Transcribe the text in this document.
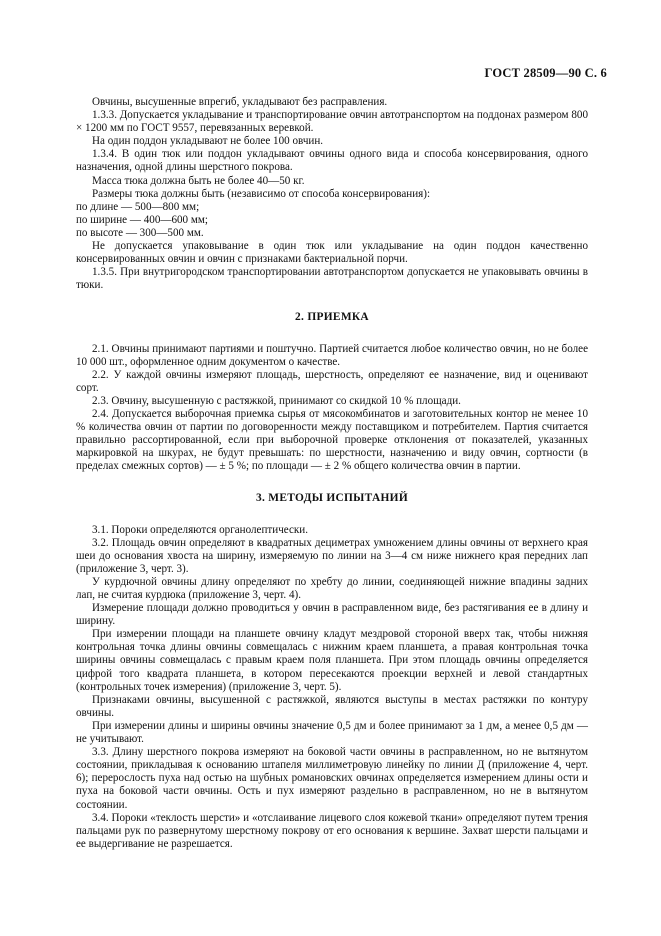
ГОСТ 28509—90 С. 6

Овчины, высушенные впрегиб, укладывают без расправления.

1.3.3. Допускается укладывание и транспортирование овчин автотранспортом на поддонах размером 800 × 1200 мм по ГОСТ 9557, перевязанных веревкой.

На один поддон укладывают не более 100 овчин.

1.3.4. В один тюк или поддон укладывают овчины одного вида и способа консервирования, одного назначения, одной длины шерстного покрова.

Масса тюка должна быть не более 40—50 кг.

Размеры тюка должны быть (независимо от способа консервирования):

по длине — 500—800 мм;

по ширине — 400—600 мм;

по высоте — 300—500 мм.

Не допускается упаковывание в один тюк или укладывание на один поддон качественно консервированных овчин и овчин с признаками бактериальной порчи.

1.3.5. При внутригородском транспортировании автотранспортом допускается не упаковывать овчины в тюки.

2. ПРИЕМКА

2.1. Овчины принимают партиями и поштучно. Партией считается любое количество овчин, но не более 10 000 шт., оформленное одним документом о качестве.

2.2. У каждой овчины измеряют площадь, шерстность, определяют ее назначение, вид и оценивают сорт.

2.3. Овчину, высушенную с растяжкой, принимают со скидкой 10 % площади.

2.4. Допускается выборочная приемка сырья от мясокомбинатов и заготовительных контор не менее 10 % количества овчин от партии по договоренности между поставщиком и потребителем. Партия считается правильно рассортированной, если при выборочной проверке отклонения от показателей, указанных маркировкой на шкурах, не будут превышать: по шерстности, назначению и виду овчин, сортности (в пределах смежных сортов) — ± 5 %; по площади — ± 2 % общего количества овчин в партии.

3. МЕТОДЫ ИСПЫТАНИЙ

3.1. Пороки определяются органолептически.

3.2. Площадь овчин определяют в квадратных дециметрах умножением длины овчины от верхнего края шеи до основания хвоста на ширину, измеряемую по линии на 3—4 см ниже нижнего края передних лап (приложение 3, черт. 3).

У курдючной овчины длину определяют по хребту до линии, соединяющей нижние впадины задних лап, не считая курдюка (приложение 3, черт. 4).

Измерение площади должно проводиться у овчин в расправленном виде, без растягивания ее в длину и ширину.

При измерении площади на планшете овчину кладут мездровой стороной вверх так, чтобы нижняя контрольная точка длины овчины совмещалась с нижним краем планшета, а правая контрольная точка ширины овчины совмещалась с правым краем поля планшета. При этом площадь овчины определяется цифрой того квадрата планшета, в котором пересекаются проекции верхней и левой стандартных (контрольных точек измерения) (приложение 3, черт. 5).

Признаками овчины, высушенной с растяжкой, являются выступы в местах растяжки по контуру овчины.

При измерении длины и ширины овчины значение 0,5 дм и более принимают за 1 дм, а менее 0,5 дм — не учитывают.

3.3. Длину шерстного покрова измеряют на боковой части овчины в расправленном, но не вытянутом состоянии, прикладывая к основанию штапеля миллиметровую линейку по линии Д (приложение 4, черт. 6); перерослость пуха над остью на шубных романовских овчинах определяется измерением длины ости и пуха на боковой части овчины. Ость и пух измеряют раздельно в расправленном, но не в вытянутом состоянии.

3.4. Пороки «теклость шерсти» и «отслаивание лицевого слоя кожевой ткани» определяют путем трения пальцами рук по развернутому шерстному покрову от его основания к вершине. Захват шерсти пальцами и ее выдергивание не разрешается.
